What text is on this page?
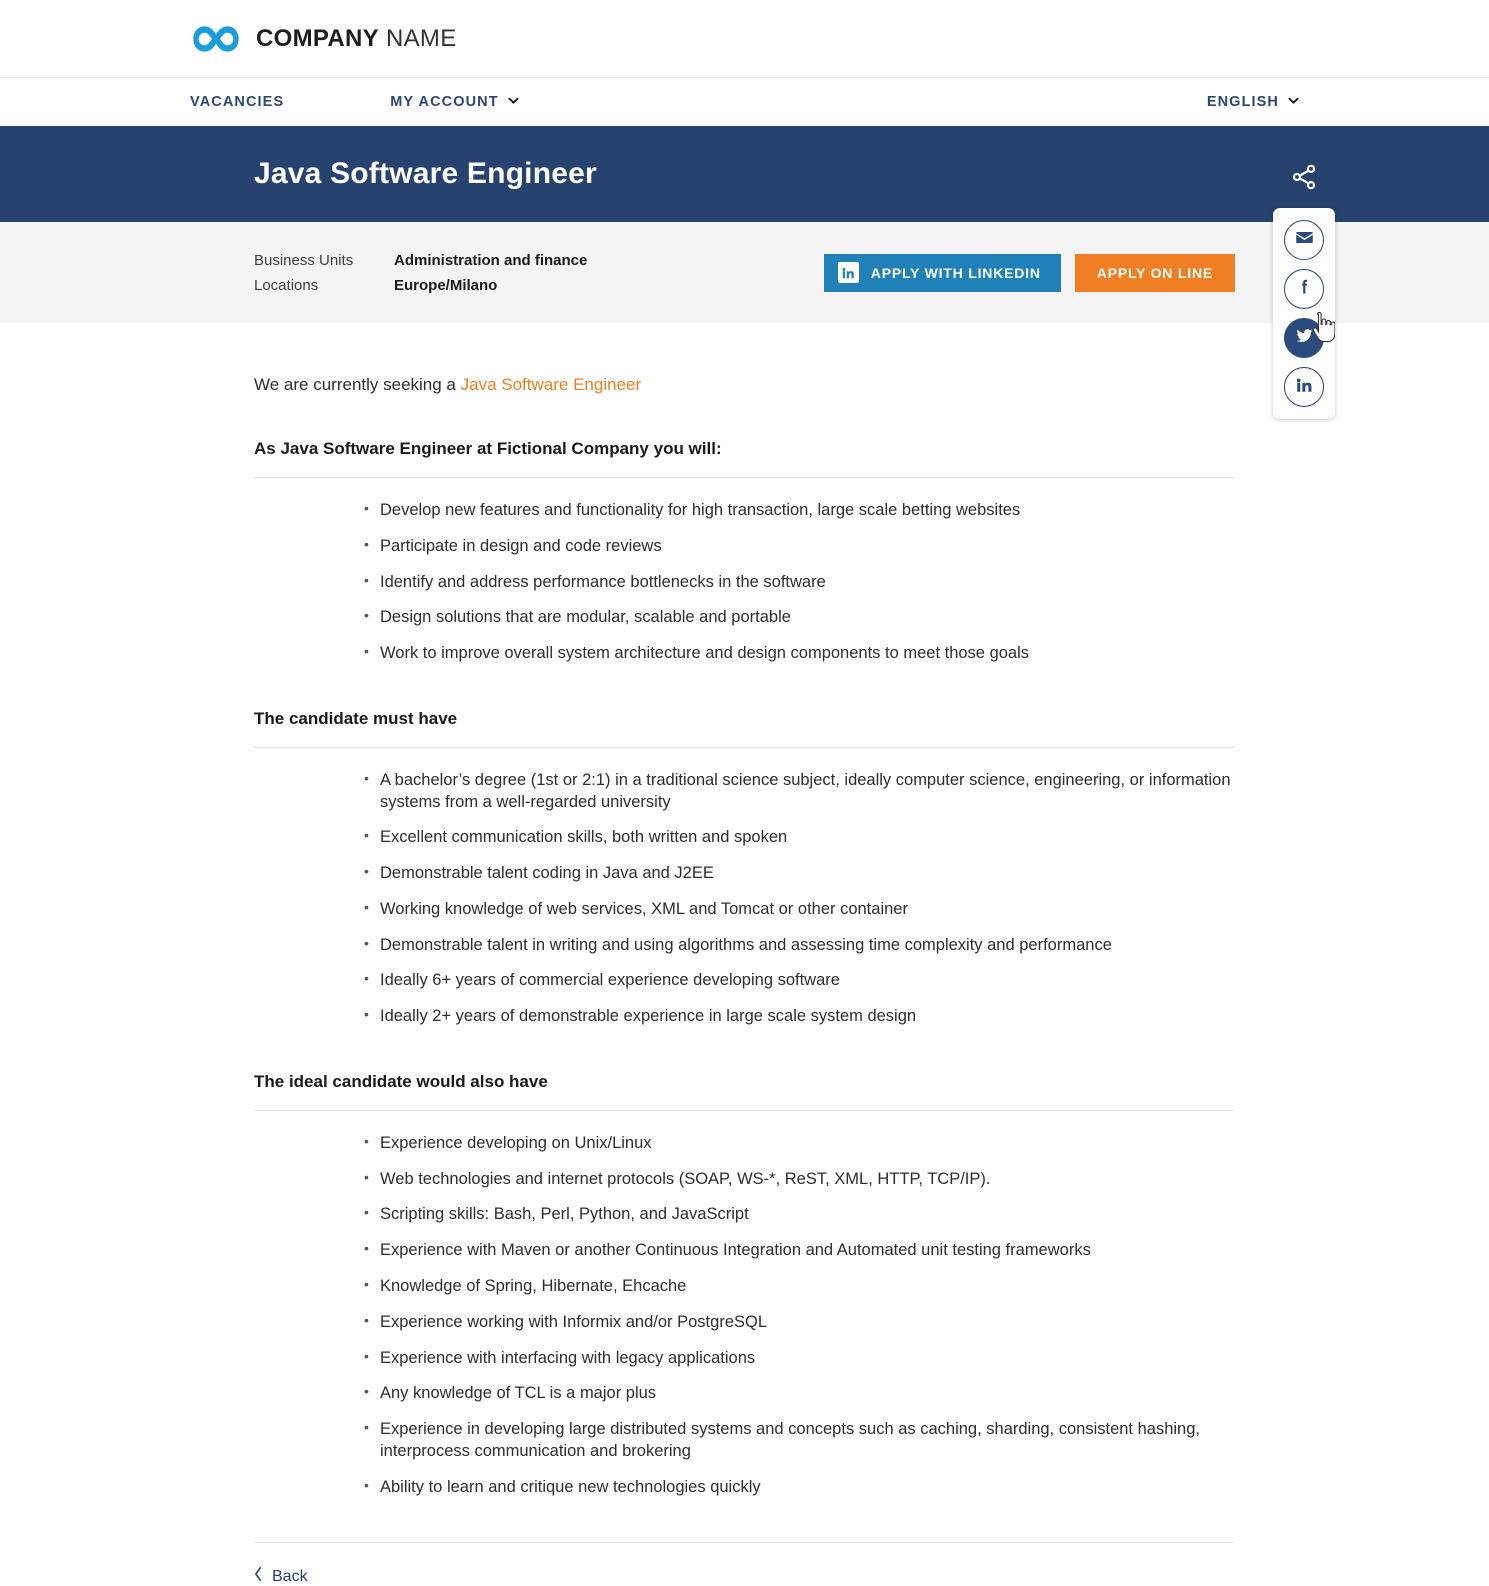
COMPANY NAME
VACANCIES	MY ACCOUNT	ENGLISH
Java Software Engineer
Business Units	Administration and finance
Locations	Europe/Milano
APPLY WITH LINKEDIN	APPLY ON LINE

We are currently seeking a Java Software Engineer

As Java Software Engineer at Fictional Company you will:
• Develop new features and functionality for high transaction, large scale betting websites
• Participate in design and code reviews
• Identify and address performance bottlenecks in the software
• Design solutions that are modular, scalable and portable
• Work to improve overall system architecture and design components to meet those goals
The candidate must have
• A bachelor’s degree (1st or 2:1) in a traditional science subject, ideally computer science, engineering, or information systems from a well-regarded university
• Excellent communication skills, both written and spoken
• Demonstrable talent coding in Java and J2EE
• Working knowledge of web services, XML and Tomcat or other container
• Demonstrable talent in writing and using algorithms and assessing time complexity and performance
• Ideally 6+ years of commercial experience developing software
• Ideally 2+ years of demonstrable experience in large scale system design
The ideal candidate would also have
• Experience developing on Unix/Linux
• Web technologies and internet protocols (SOAP, WS-*, ReST, XML, HTTP, TCP/IP).
• Scripting skills: Bash, Perl, Python, and JavaScript
• Experience with Maven or another Continuous Integration and Automated unit testing frameworks
• Knowledge of Spring, Hibernate, Ehcache
• Experience working with Informix and/or PostgreSQL
• Experience with interfacing with legacy applications
• Any knowledge of TCL is a major plus
• Experience in developing large distributed systems and concepts such as caching, sharding, consistent hashing, interprocess communication and brokering
• Ability to learn and critique new technologies quickly
Back
